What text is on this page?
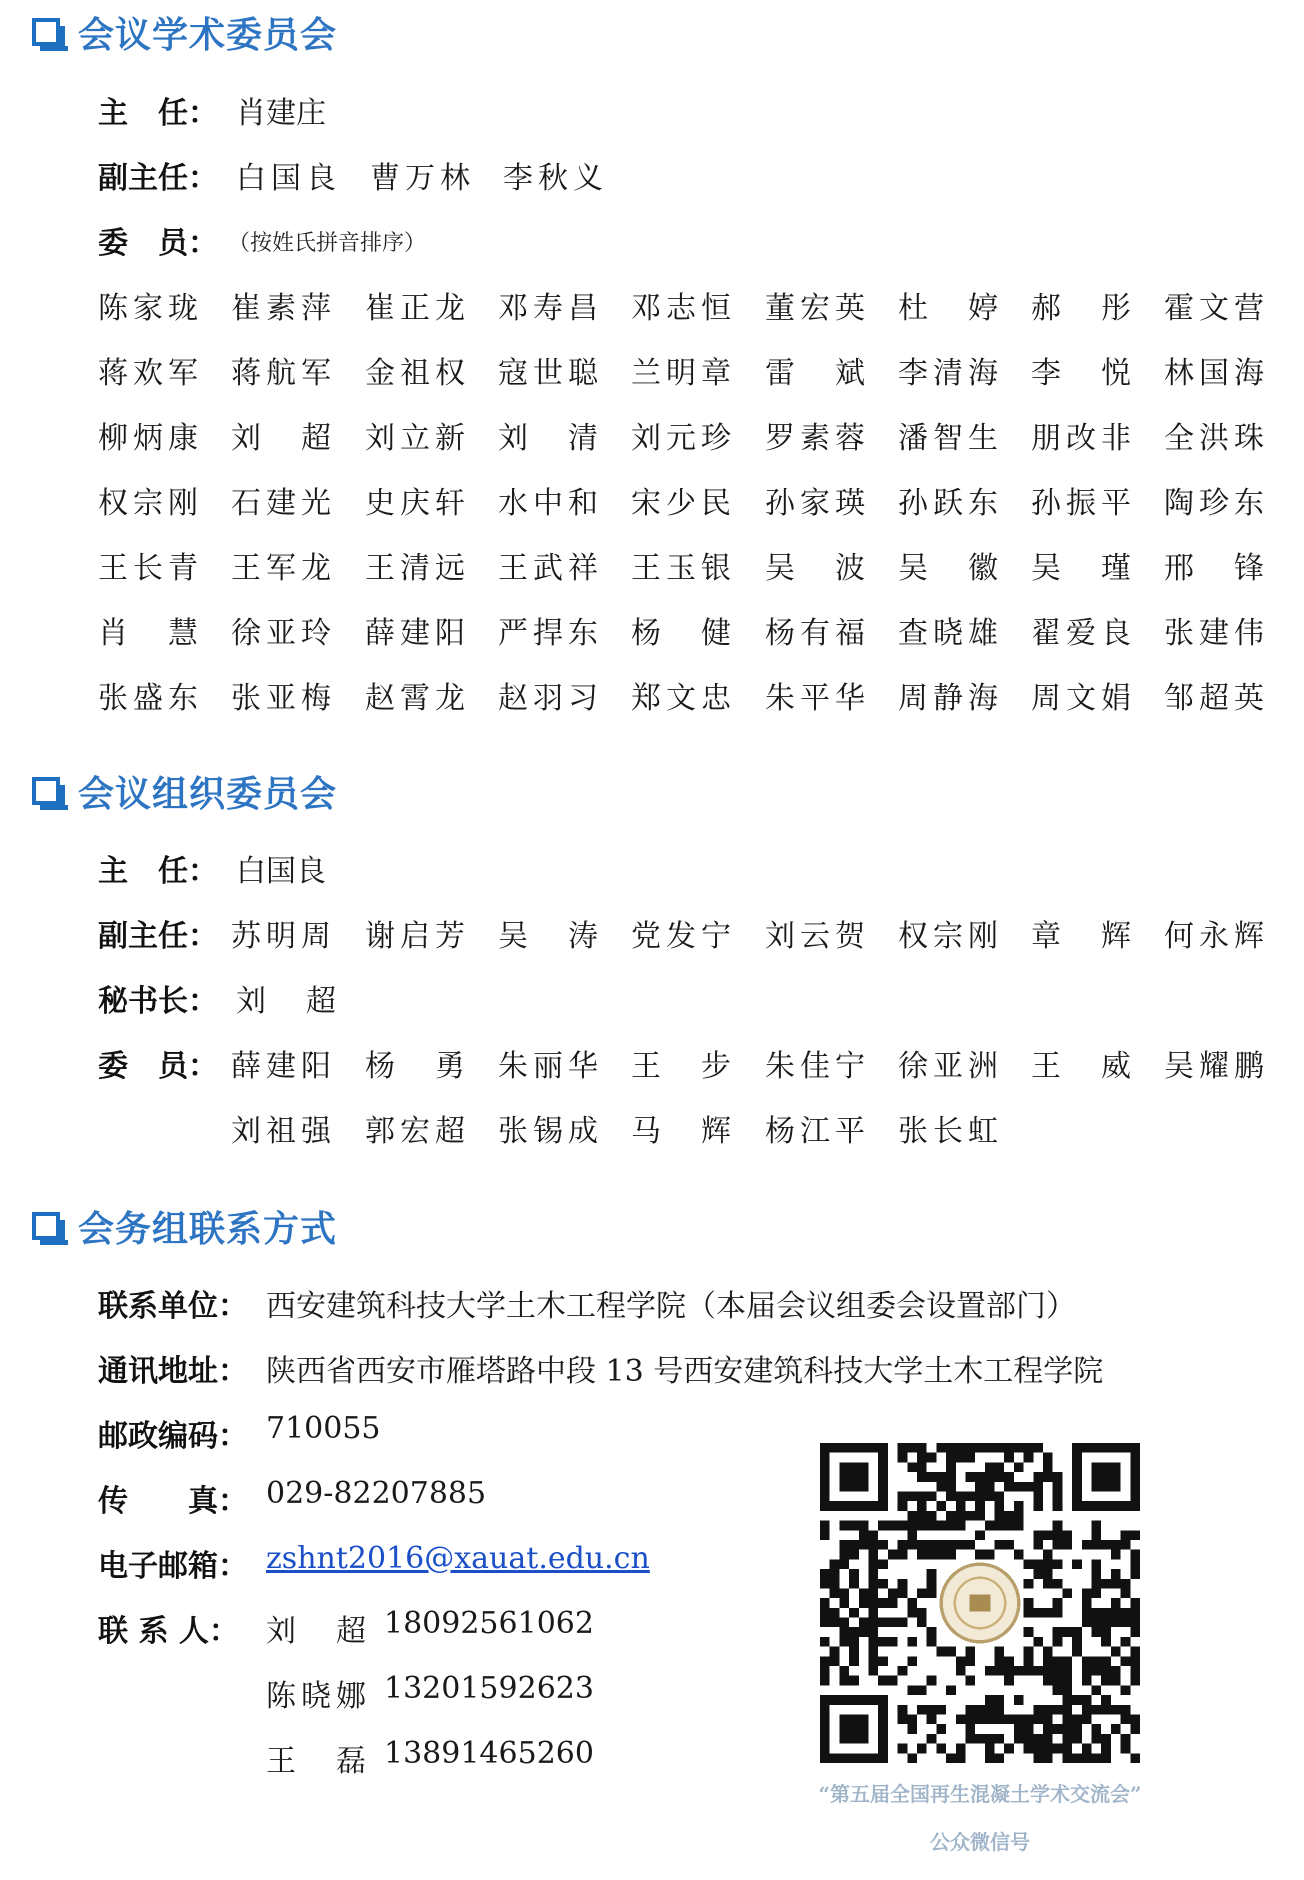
会议学术委员会
主　任： 肖建庄
副主任： 白国良 曹万林 李秋义
委　员： （按姓氏拼音排序）
陈家珑 崔素萍 崔正龙 邓寿昌 邓志恒 董宏英 杜　婷 郝　彤 霍文营
蒋欢军 蒋航军 金祖权 寇世聪 兰明章 雷　斌 李清海 李　悦 林国海
柳炳康 刘　超 刘立新 刘　清 刘元珍 罗素蓉 潘智生 朋改非 全洪珠
权宗刚 石建光 史庆轩 水中和 宋少民 孙家瑛 孙跃东 孙振平 陶珍东
王长青 王军龙 王清远 王武祥 王玉银 吴　波 吴　徽 吴　瑾 邢　锋
肖　慧 徐亚玲 薛建阳 严捍东 杨　健 杨有福 查晓雄 翟爱良 张建伟
张盛东 张亚梅 赵霄龙 赵羽习 郑文忠 朱平华 周静海 周文娟 邹超英
会议组织委员会
主　任： 白国良
副主任： 苏明周 谢启芳 吴　涛 党发宁 刘云贺 权宗刚 章　辉 何永辉
秘书长： 刘　超
委　员： 薛建阳 杨　勇 朱丽华 王　步 朱佳宁 徐亚洲 王　威 吴耀鹏
刘祖强 郭宏超 张锡成 马　辉 杨江平 张长虹
会务组联系方式
联系单位： 西安建筑科技大学土木工程学院（本届会议组委会设置部门）
通讯地址： 陕西省西安市雁塔路中段 13 号西安建筑科技大学土木工程学院
邮政编码： 710055
传　　真： 029-82207885
电子邮箱： zshnt2016@xauat.edu.cn
联 系 人： 刘　超 18092561062
陈晓娜 13201592623
王　磊 13891465260
“第五届全国再生混凝土学术交流会”
公众微信号
